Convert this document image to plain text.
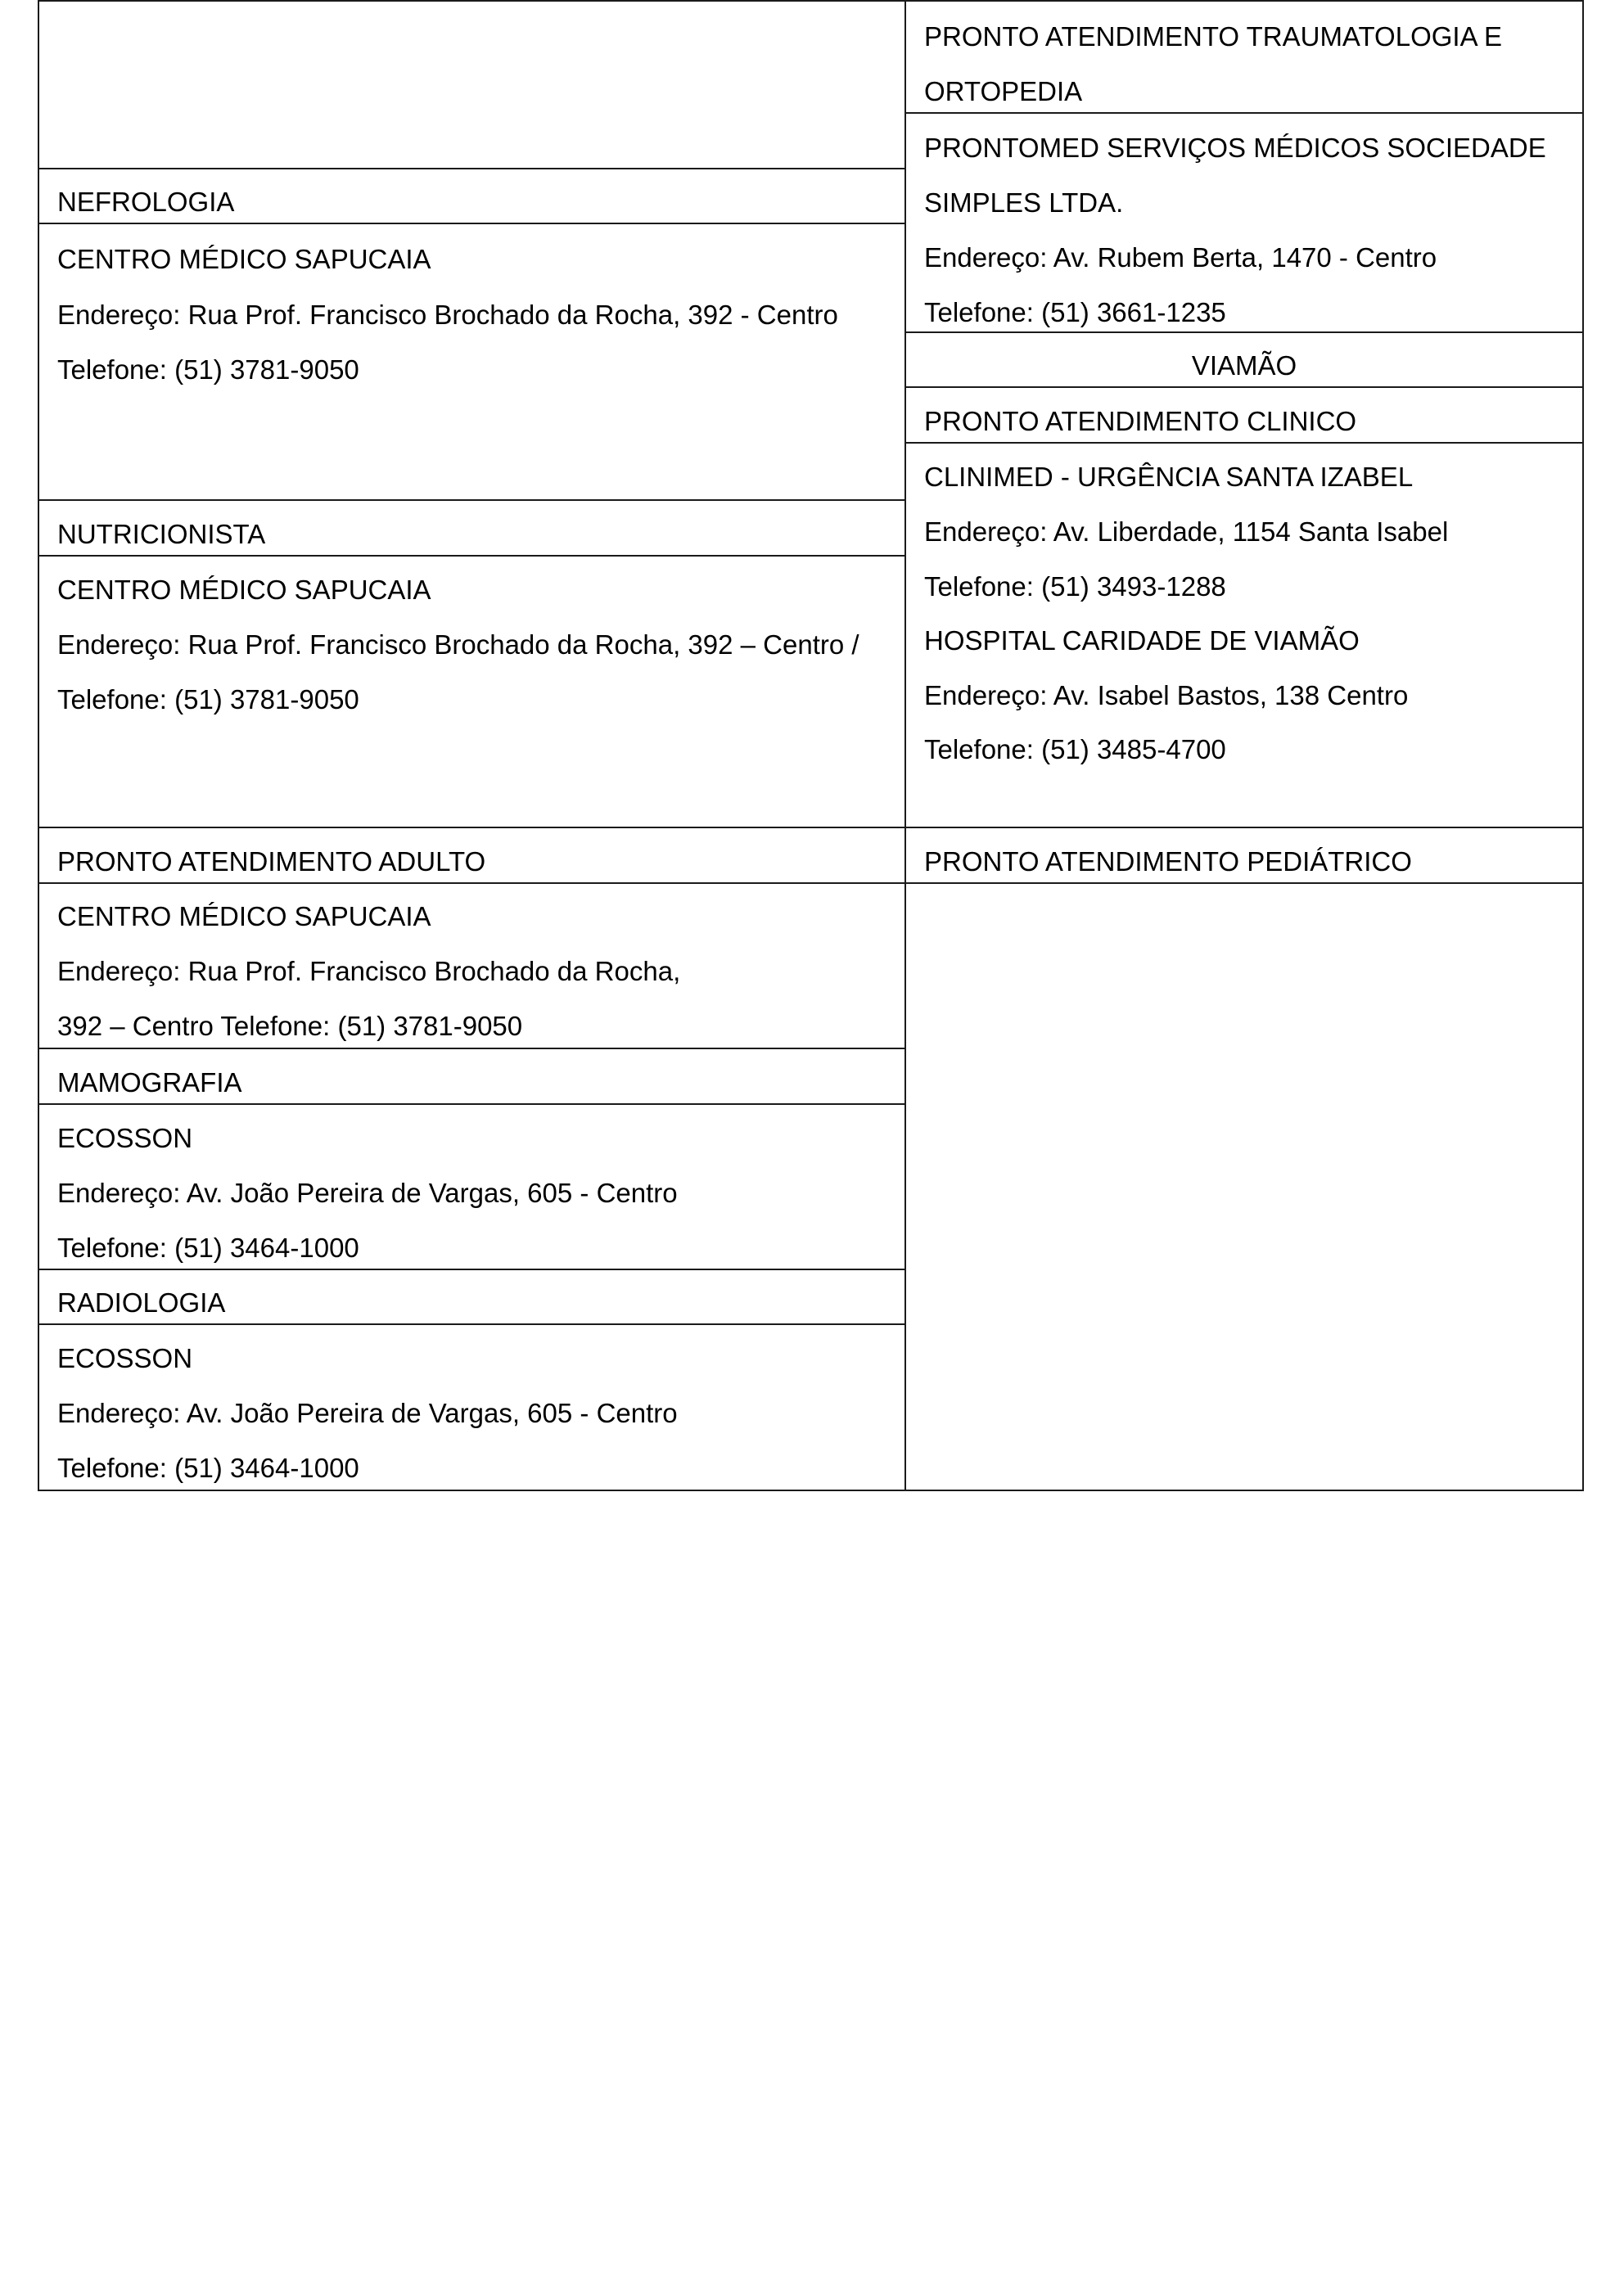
NEFROLOGIA
CENTRO MÉDICO SAPUCAIA
Endereço: Rua Prof. Francisco Brochado da Rocha, 392 - Centro
Telefone: (51) 3781-9050
NUTRICIONISTA
CENTRO MÉDICO SAPUCAIA
Endereço: Rua Prof. Francisco Brochado da Rocha, 392 – Centro /
Telefone: (51) 3781-9050
PRONTO ATENDIMENTO ADULTO
CENTRO MÉDICO SAPUCAIA
Endereço: Rua Prof. Francisco Brochado da Rocha,
392 – Centro Telefone: (51) 3781-9050
MAMOGRAFIA
ECOSSON
Endereço: Av. João Pereira de Vargas, 605 - Centro
Telefone: (51) 3464-1000
RADIOLOGIA
ECOSSON
Endereço: Av. João Pereira de Vargas, 605 - Centro
Telefone: (51) 3464-1000
PRONTO ATENDIMENTO TRAUMATOLOGIA E
ORTOPEDIA
PRONTOMED SERVIÇOS MÉDICOS SOCIEDADE
SIMPLES LTDA.
Endereço: Av. Rubem Berta, 1470 - Centro
Telefone: (51) 3661-1235
VIAMÃO
PRONTO ATENDIMENTO CLINICO
CLINIMED - URGÊNCIA SANTA IZABEL
Endereço: Av. Liberdade, 1154 Santa Isabel
Telefone: (51) 3493-1288
HOSPITAL CARIDADE DE VIAMÃO
Endereço: Av. Isabel Bastos, 138 Centro
Telefone: (51) 3485-4700
PRONTO ATENDIMENTO PEDIÁTRICO
